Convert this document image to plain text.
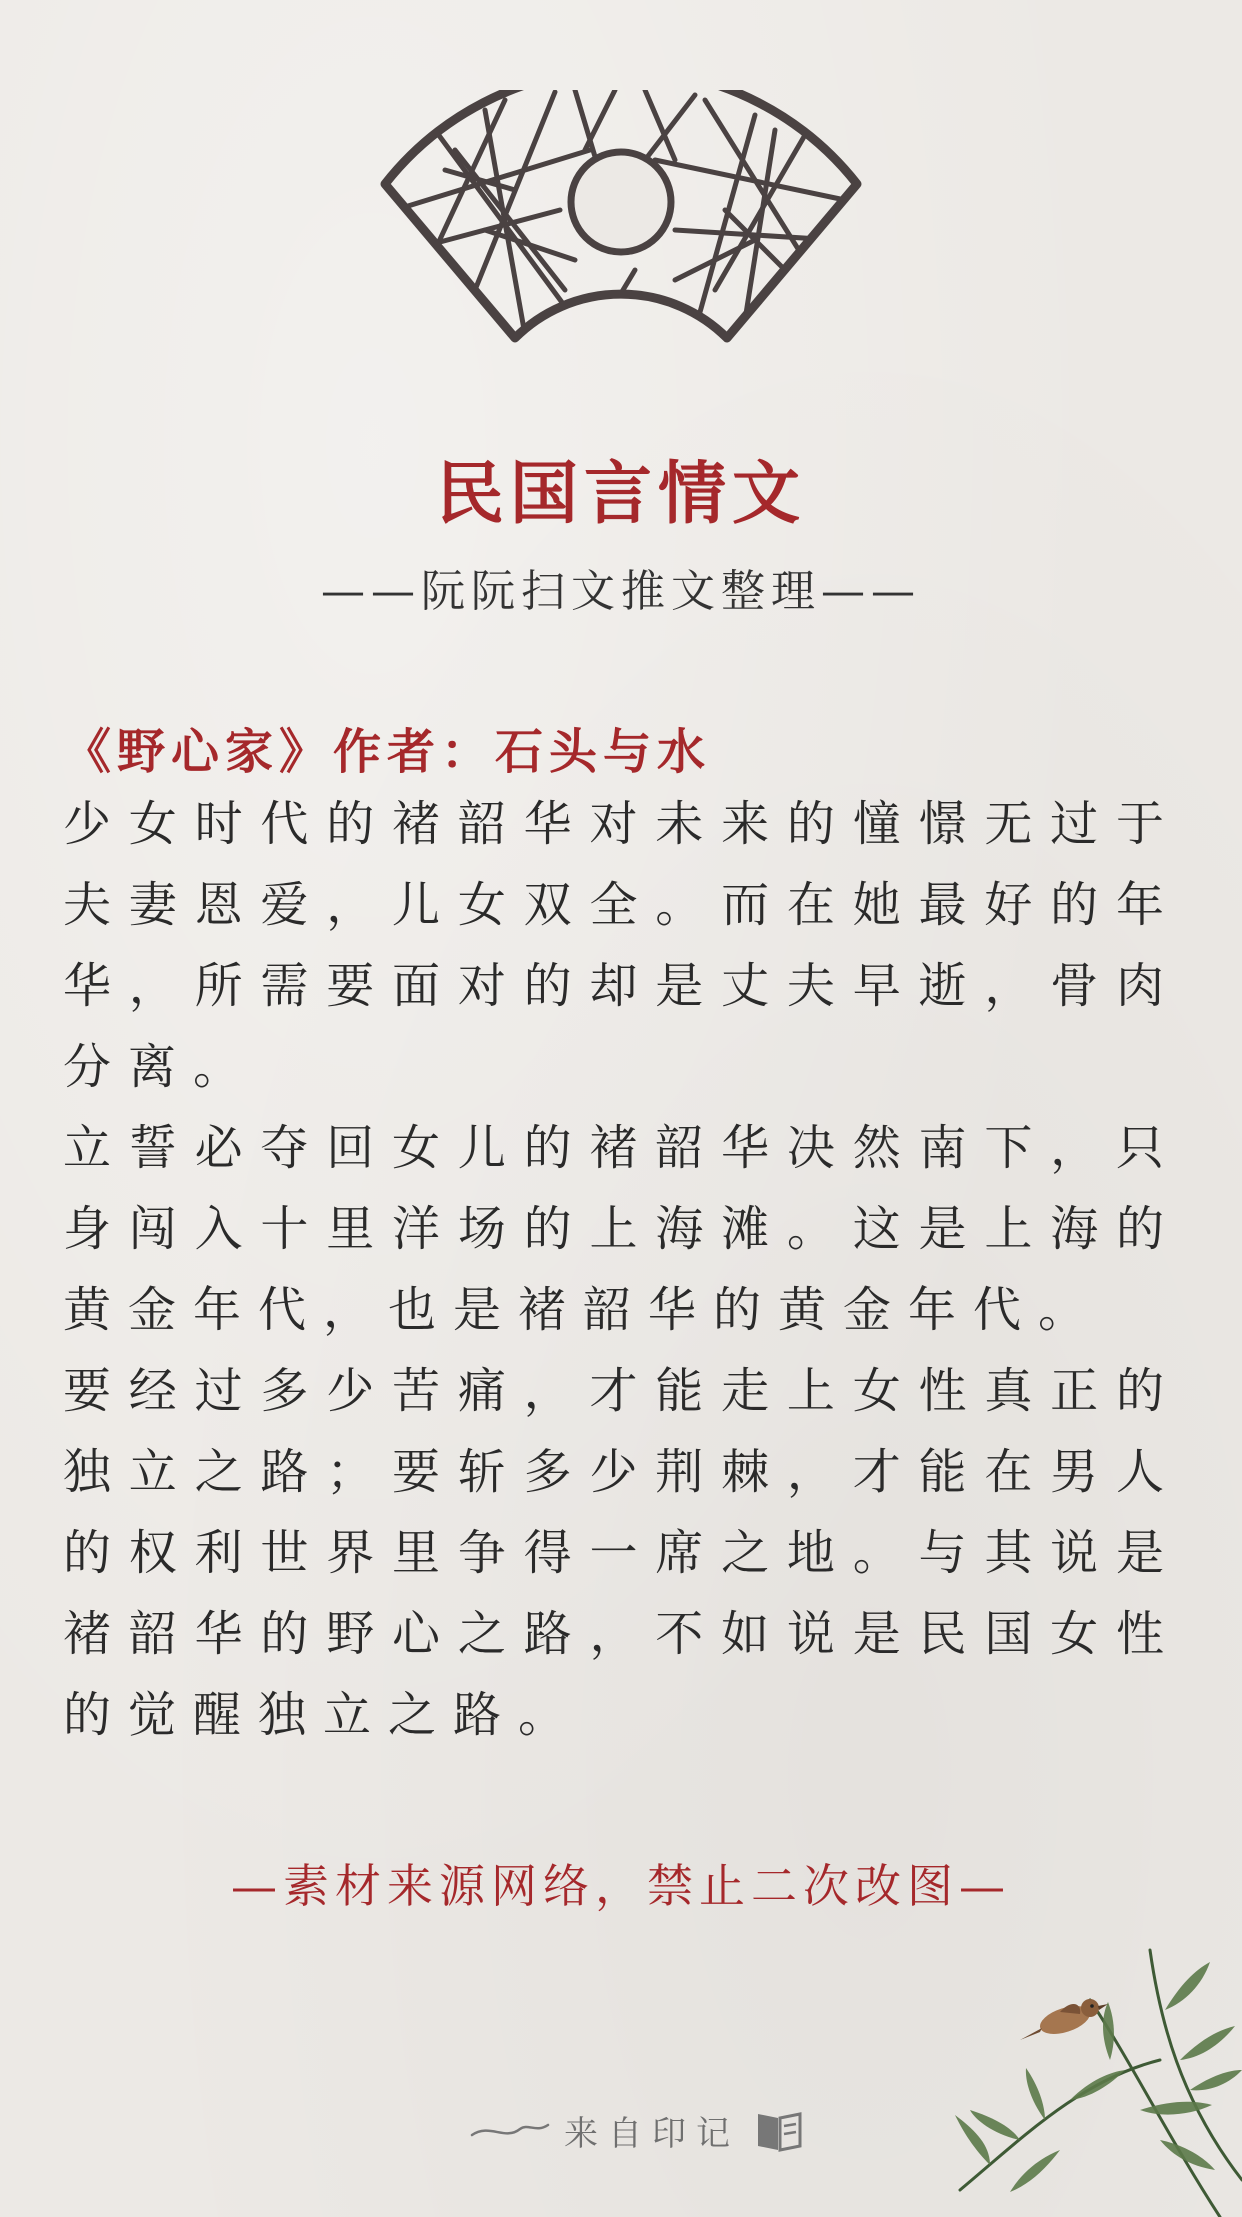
民国言情文
——阮阮扫文推文整理——

《野心家》作者：石头与水

少女时代的褚韶华对未来的憧憬无过于夫妻恩爱，儿女双全。而在她最好的年华，所需要面对的却是丈夫早逝，骨肉分离。

立誓必夺回女儿的褚韶华决然南下，只身闯入十里洋场的上海滩。这是上海的黄金年代，也是褚韶华的黄金年代。

要经过多少苦痛，才能走上女性真正的独立之路；要斩多少荆棘，才能在男人的权利世界里争得一席之地。与其说是褚韶华的野心之路，不如说是民国女性的觉醒独立之路。

—素材来源网络，禁止二次改图—
来自印记
